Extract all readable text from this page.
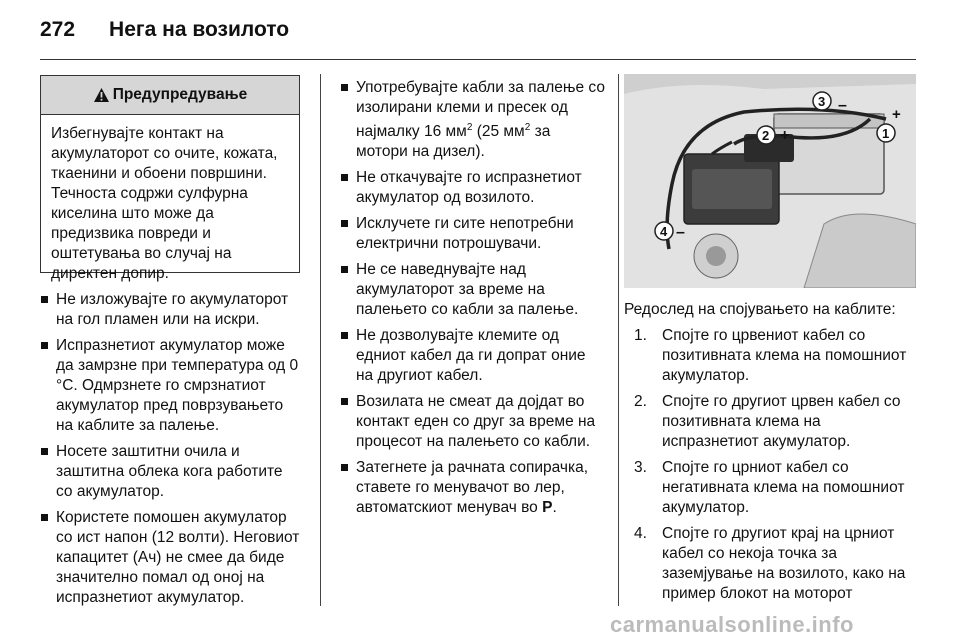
272 Нега на возилото
Предупредување
Избегнувајте контакт на акумулаторот со очите, кожата, ткаенини и обоени површини. Течноста содржи сулфурна киселина што може да предизвика повреди и оштетувања во случај на директен допир.
Не изложувајте го акумулаторот на гол пламен или на искри.
Испразнетиот акумулатор може да замрзне при температура од 0 °C. Одмрзнете го смрзнатиот акумулатор пред поврзувањето на каблите за палење.
Носете заштитни очила и заштитна облека кога работите со акумулатор.
Користете помошен акумулатор со ист напон (12 волти). Неговиот капацитет (Ач) не смее да биде значително помал од оној на испразнетиот акумулатор.
Употребувајте кабли за палење со изолирани клеми и пресек од најмалку 16 $мм^2$ (25 $мм^2$ за мотори на дизел).
Не откачувајте го испразнетиот акумулатор од возилото.
Исклучете ги сите непотребни електрични потрошувачи.
Не се наведнувајте над акумулаторот за време на палењето со кабли за палење.
Не дозволувајте клемите од едниот кабел да ги допрат оние на другиот кабел.
Возилата не смеат да дојдат во контакт еден со друг за време на процесот на палењето со кабли.
Затегнете ја рачната сопирачка, ставете го менувачот во лер, автоматскиот менувач во P.
1
2 +
3 –
+
4 –
Редослед на спојувањето на каблите:
1. Спојте го црвениот кабел со позитивната клема на помошниот акумулатор.
2. Спојте го другиот црвен кабел со позитивната клема на испразнетиот акумулатор.
3. Спојте го црниот кабел со негативната клема на помошниот акумулатор.
4. Спојте го другиот крај на црниот кабел со некоја точка за заземјување на возилото, како на пример блокот на моторот
carmanualsonline.info
